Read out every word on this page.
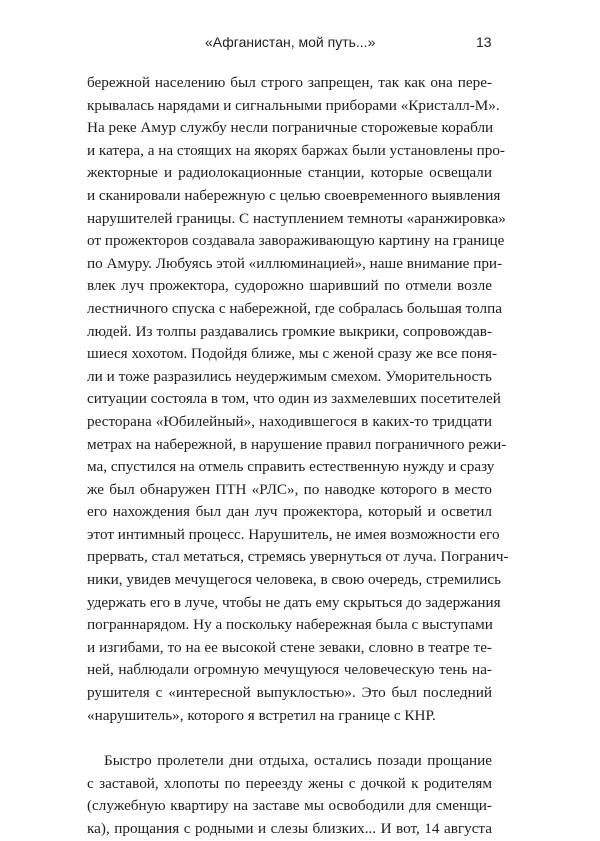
«Афганистан, мой путь...»	13
бережной населению был строго запрещен, так как она пере-
крывалась нарядами и сигнальными приборами «Кристалл-М».
На реке Амур службу несли пограничные сторожевые корабли
и катера, а на стоящих на якорях баржах были установлены про-
жекторные и радиолокационные станции, которые освещали
и сканировали набережную с целью своевременного выявления
нарушителей границы. С наступлением темноты «аранжировка»
от прожекторов создавала завораживающую картину на границе
по Амуру. Любуясь этой «иллюминацией», наше внимание при-
влек луч прожектора, судорожно шаривший по отмели возле
лестничного спуска с набережной, где собралась большая толпа
людей. Из толпы раздавались громкие выкрики, сопровождав-
шиеся хохотом. Подойдя ближе, мы с женой сразу же все поня-
ли и тоже разразились неудержимым смехом. Уморительность
ситуации состояла в том, что один из захмелевших посетителей
ресторана «Юбилейный», находившегося в каких-то тридцати
метрах на набережной, в нарушение правил пограничного режи-
ма, спустился на отмель справить естественную нужду и сразу
же был обнаружен ПТН «РЛС», по наводке которого в место
его нахождения был дан луч прожектора, который и осветил
этот интимный процесс. Нарушитель, не имея возможности его
прервать, стал метаться, стремясь увернуться от луча. Погранич-
ники, увидев мечущегося человека, в свою очередь, стремились
удержать его в луче, чтобы не дать ему скрыться до задержания
пограннарядом. Ну а поскольку набережная была с выступами
и изгибами, то на ее высокой стене зеваки, словно в театре те-
ней, наблюдали огромную мечущуюся человеческую тень на-
рушителя с «интересной выпуклостью». Это был последний
«нарушитель», которого я встретил на границе с КНР.
Быстро пролетели дни отдыха, остались позади прощание
с заставой, хлопоты по переезду жены с дочкой к родителям
(служебную квартиру на заставе мы освободили для сменщи-
ка), прощания с родными и слезы близких... И вот, 14 августа
